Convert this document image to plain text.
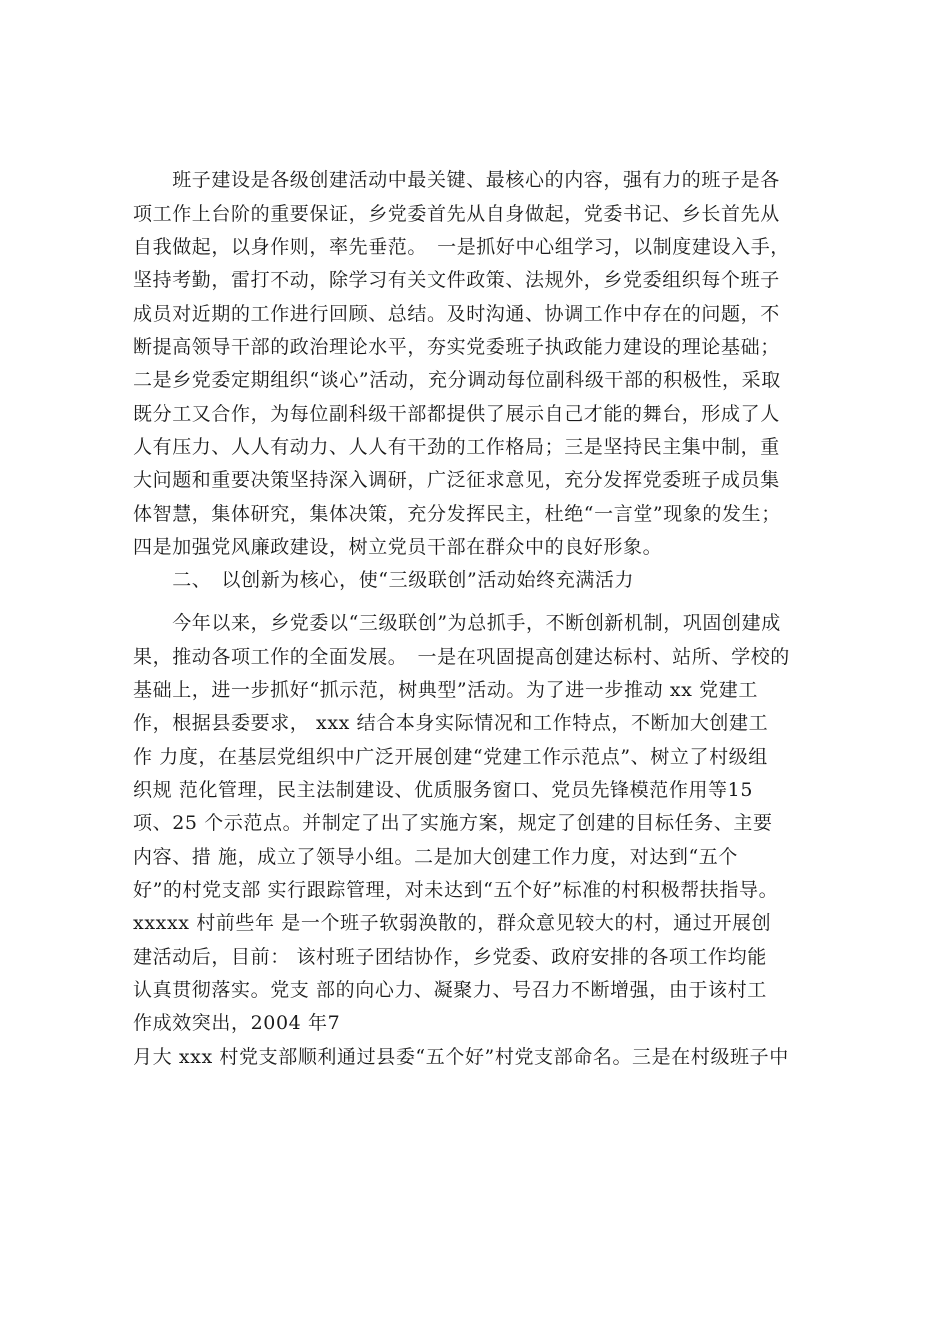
　　班子建设是各级创建活动中最关键、最核心的内容，强有力的班子是各
项工作上台阶的重要保证，乡党委首先从自身做起，党委书记、乡长首先从
自我做起，以身作则，率先垂范。　一是抓好中心组学习，以制度建设入手，
坚持考勤，雷打不动，除学习有关文件政策、法规外，乡党委组织每个班子
成员对近期的工作进行回顾、总结。及时沟通、协调工作中存在的问题，不
断提高领导干部的政治理论水平，夯实党委班子执政能力建设的理论基础；
二是乡党委定期组织“谈心”活动，充分调动每位副科级干部的积极性，采取
既分工又合作，为每位副科级干部都提供了展示自己才能的舞台，形成了人
人有压力、人人有动力、人人有干劲的工作格局；三是坚持民主集中制，重
大问题和重要决策坚持深入调研，广泛征求意见，充分发挥党委班子成员集
体智慧，集体研究，集体决策，充分发挥民主，杜绝“一言堂”现象的发生；
四是加强党风廉政建设，树立党员干部在群众中的良好形象。
　　二、　以创新为核心，使“三级联创”活动始终充满活力
　　今年以来，乡党委以“三级联创”为总抓手，不断创新机制，巩固创建成
果，推动各项工作的全面发展。　一是在巩固提高创建达标村、站所、学校的
基础上，进一步抓好“抓示范，树典型”活动。为了进一步推动 xx 党建工
作，根据县委要求， xxx 结合本身实际情况和工作特点，不断加大创建工
作 力度，在基层党组织中广泛开展创建“党建工作示范点”、树立了村级组
织规 范化管理，民主法制建设、优质服务窗口、党员先锋模范作用等15
项、25 个示范点。并制定了出了实施方案，规定了创建的目标任务、主要
内容、措 施，成立了领导小组。二是加大创建工作力度，对达到“五个
好”的村党支部 实行跟踪管理，对未达到“五个好”标准的村积极帮扶指导。
xxxxx 村前些年 是一个班子软弱涣散的，群众意见较大的村，通过开展创
建活动后，目前： 该村班子团结协作，乡党委、政府安排的各项工作均能
认真贯彻落实。党支 部的向心力、凝聚力、号召力不断增强，由于该村工
作成效突出，2004 年7
月大 xxx 村党支部顺利通过县委“五个好”村党支部命名。三是在村级班子中
